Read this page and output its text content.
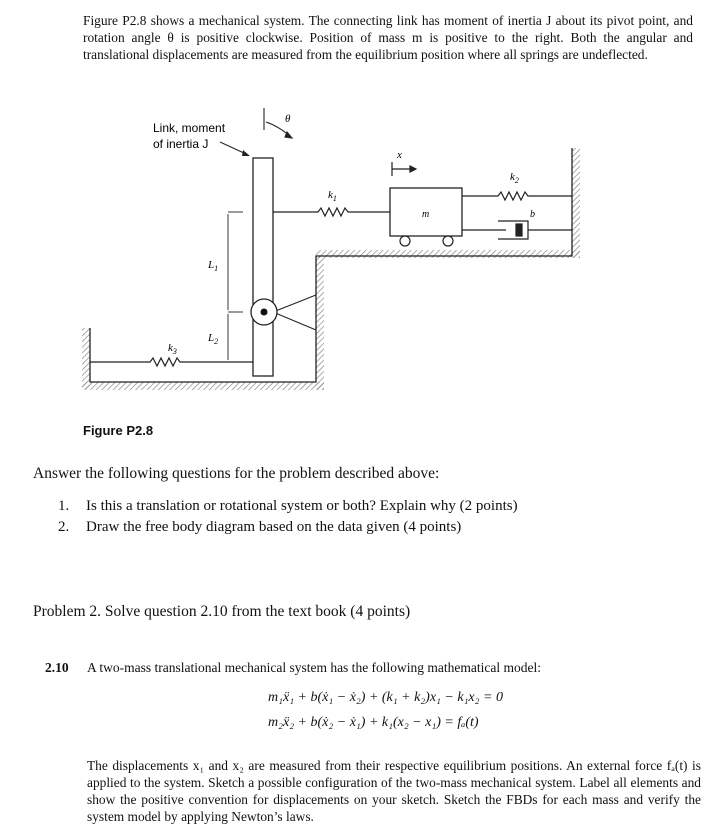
Figure P2.8 shows a mechanical system. The connecting link has moment of inertia J about its pivot point, and rotation angle θ is positive clockwise. Position of mass m is positive to the right. Both the angular and translational displacements are measured from the equilibrium position where all springs are undeflected.
$L_1$
$L_2$
$k_3$
$k_1$
m
$k_2$
b
x
θ
Link, moment
of inertia J
Figure P2.8
Answer the following questions for the problem described above:
1. Is this a translation or rotational system or both? Explain why (2 points)
2. Draw the free body diagram based on the data given (4 points)
Problem 2. Solve question 2.10 from the text book (4 points)
2.10 A two-mass translational mechanical system has the following mathematical model:
m₁ẍ₁ + b(ẋ₁ − ẋ₂) + (k₁ + k₂)x₁ − k₁x₂ = 0
m₂ẍ₂ + b(ẋ₂ − ẋ₁) + k₁(x₂ − x₁) = fₐ(t)
The displacements x₁ and x₂ are measured from their respective equilibrium positions. An external force fₐ(t) is applied to the system. Sketch a possible configuration of the two-mass mechanical system. Label all elements and show the positive convention for displacements on your sketch. Sketch the FBDs for each mass and verify the system model by applying Newton’s laws.
